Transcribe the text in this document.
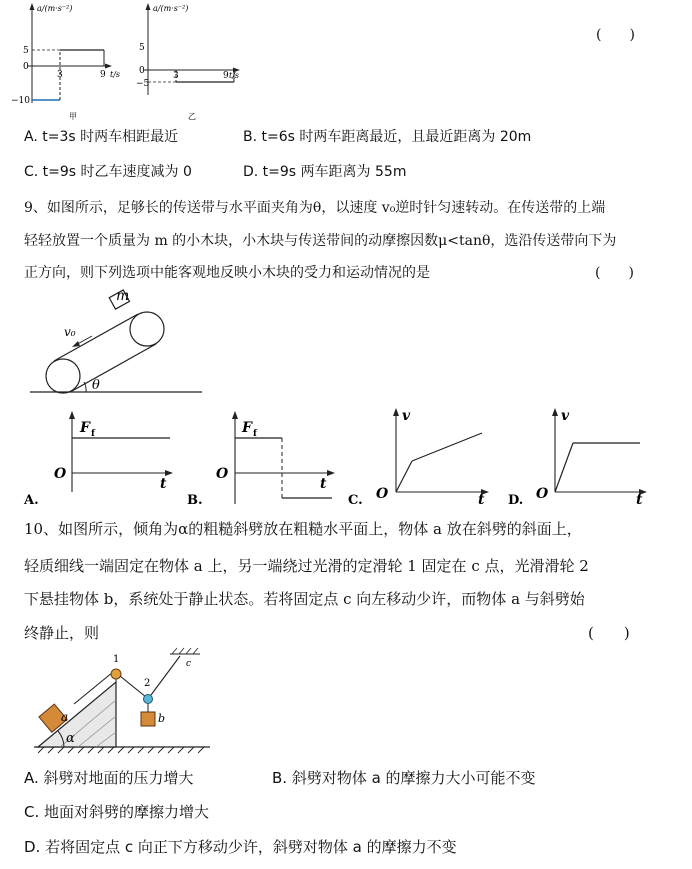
a/(m·s⁻²)
5
0
−10
3	9 t/s
甲
a/(m·s⁻²)
5
0
−5
3	9 t/s
乙
(　　)
A. t=3s 时两车相距最近	B. t=6s 时两车距离最近，且最近距离为 20m
C. t=9s 时乙车速度减为 0	D. t=9s 两车距离为 55m
9、如图所示，足够长的传送带与水平面夹角为θ，以速度 v₀逆时针匀速转动。在传送带的上端
轻轻放置一个质量为 m 的小木块，小木块与传送带间的动摩擦因数μ<tanθ，选沿传送带向下为
正方向，则下列选项中能客观地反映小木块的受力和运动情况的是	(　　)
m
v₀
θ
F f
O
t
A.
F f
O
t
B.
v
O	t
C.
v
O	t
D.
10、如图所示，倾角为α的粗糙斜劈放在粗糙水平面上，物体 a 放在斜劈的斜面上，
轻质细线一端固定在物体 a 上，另一端绕过光滑的定滑轮 1 固定在 c 点，光滑滑轮 2
下悬挂物体 b，系统处于静止状态。若将固定点 c 向左移动少许，而物体 a 与斜劈始
终静止，则	(　　)
α
a
1
2
b
c
A. 斜劈对地面的压力增大	B. 斜劈对物体 a 的摩擦力大小可能不变
C. 地面对斜劈的摩擦力增大
D. 若将固定点 c 向正下方移动少许，斜劈对物体 a 的摩擦力不变
